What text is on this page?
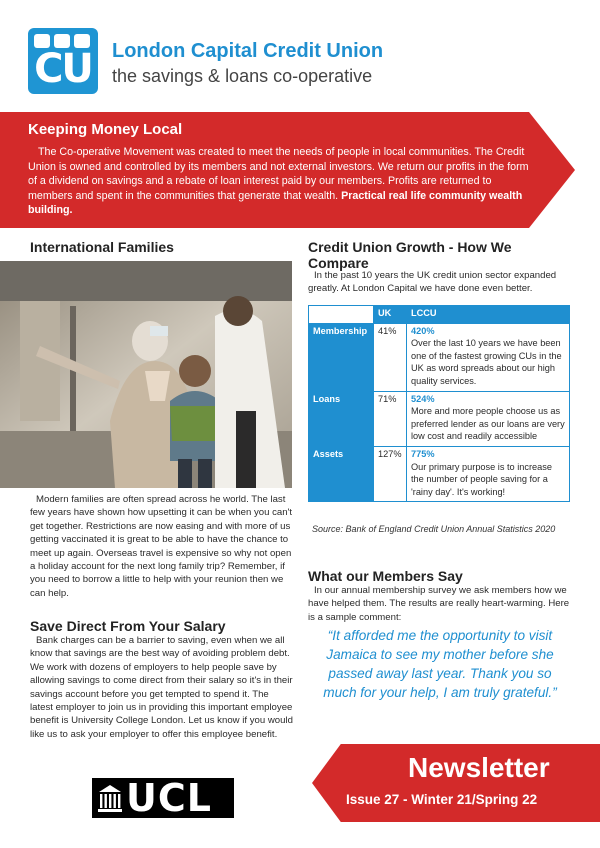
CU London Capital Credit Union
the savings & loans co-operative
Keeping Money Local
The Co-operative Movement was created to meet the needs of people in local communities. The Credit Union is owned and controlled by its members and not external investors. We return our profits in the form of a dividend on savings and a rebate of loan interest paid by our members. Profits are returned to members and spent in the communities that generate that wealth. Practical real life community wealth building.
International Families
Modern families are often spread across he world. The last few years have shown how upsetting it can be when you can't get together. Restrictions are now easing and with more of us getting vaccinated it is great to be able to have the chance to meet up again. Overseas travel is expensive so why not open a holiday account for the next long family trip? Remember, if you need to borrow a little to help with your reunion then we can help.
Save Direct From Your Salary
Bank charges can be a barrier to saving, even when we all know that savings are the best way of avoiding problem debt. We work with dozens of employers to help people save by allowing savings to come direct from their salary so it's in their savings account before you get tempted to spend it. The latest employer to join us in providing this important employee benefit is University College London. Let us know if you would like us to ask your employer to offer this employee benefit.
Credit Union Growth - How We Compare
In the past 10 years the UK credit union sector expanded greatly. At London Capital we have done even better.
	UK	LCCU
Membership	41%	420%
Over the last 10 years we have been one of the fastest growing CUs in the UK as word spreads about our high quality services.

Loans	71%	524%
More and more people choose us as preferred lender as our loans are very low cost and readily accessible

Assets	127%	775%
Our primary purpose is to increase the number of people saving for a 'rainy day'. It's working!
Source: Bank of England Credit Union Annual Statistics 2020
What our Members Say
In our annual membership survey we ask members how we have helped them. The results are really heart-warming. Here is a sample comment:
“It afforded me the opportunity to visit Jamaica to see my mother before she passed away last year. Thank you so much for your help, I am truly grateful.”
UCL
Newsletter
Issue 27 - Winter 21/Spring 22
